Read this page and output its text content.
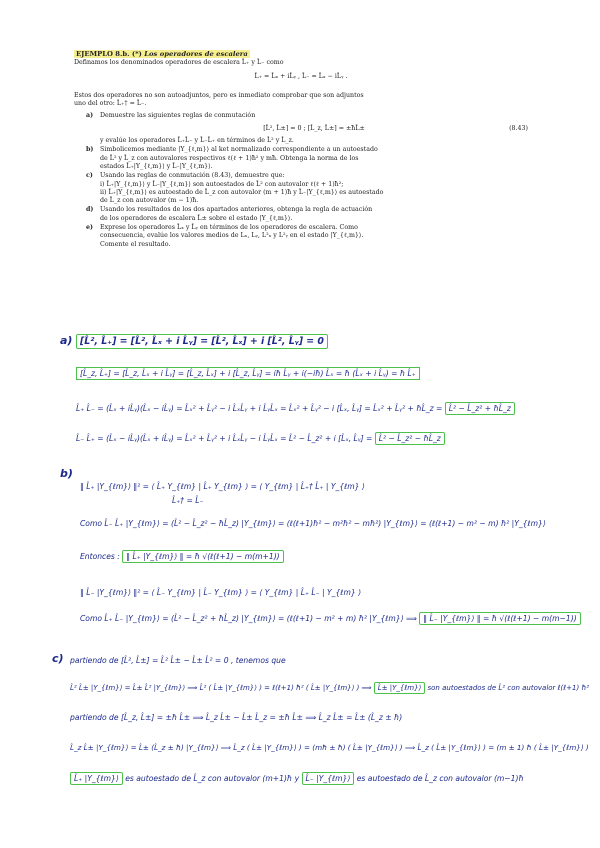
EJEMPLO 8.b. (*) Los operadores de escalera
Definamos los denominados operadores de escalera L̂₊ y L̂₋ como
L̂₊ = L̂ₓ + iL̂ᵧ , L̂₋ = L̂ₓ − iL̂ᵧ .
Estos dos operadores no son autoadjuntos, pero es inmediato comprobar que son adjuntos
uno del otro: L̂₊† = L̂₋.
a) Demuestre las siguientes reglas de conmutación
[L̂², L̂±] = 0 ; [L̂_z, L̂±] = ±ħL̂±	(8.43)
y evalúe los operadores L̂₊L̂₋ y L̂₋L̂₊ en términos de L̂² y L̂_z.
b) Simbolicemos mediante |Y_{ℓ,m}⟩ al ket normalizado correspondiente a un autoestado
de L̂² y L̂_z con autovalores respectivos ℓ(ℓ + 1)ħ² y mħ. Obtenga la norma de los
estados L̂₊|Y_{ℓ,m}⟩ y L̂₋|Y_{ℓ,m}⟩.
c) Usando las reglas de conmutación (8.43), demuestre que:
i) L̂₊|Y_{ℓ,m}⟩ y L̂₋|Y_{ℓ,m}⟩ son autoestados de L̂² con autovalor ℓ(ℓ + 1)ħ²;
ii) L̂₊|Y_{ℓ,m}⟩ es autoestado de L̂_z con autovalor (m + 1)ħ y L̂₋|Y_{ℓ,m}⟩ es autoestado
de L̂_z con autovalor (m − 1)ħ.
d) Usando los resultados de los dos apartados anteriores, obtenga la regla de actuación
de los operadores de escalera L̂± sobre el estado |Y_{ℓ,m}⟩.
e) Exprese los operadores L̂ₓ y L̂ᵧ en términos de los operadores de escalera. Como
consecuencia, evalúe los valores medios de Lₓ, Lᵧ, L²ₓ y L²ᵧ en el estado |Y_{ℓ,m}⟩.
Comente el resultado.
a) [L̂², L̂₊] = [L̂², L̂ₓ + i L̂ᵧ] = [L̂², L̂ₓ] + i [L̂², L̂ᵧ] = 0
[L̂_z, L̂₊] = [L̂_z, L̂ₓ + i L̂ᵧ] = [L̂_z, L̂ₓ] + i [L̂_z, L̂ᵧ] = iħ L̂ᵧ + i(−iħ) L̂ₓ = ħ (L̂ₓ + i L̂ᵧ) = ħ L̂₊
L̂₊ L̂₋ = (L̂ₓ + iL̂ᵧ)(L̂ₓ − iL̂ᵧ) = L̂ₓ² + L̂ᵧ² − i L̂ₓL̂ᵧ + i L̂ᵧL̂ₓ = L̂ₓ² + L̂ᵧ² − i [L̂ₓ, L̂ᵧ] = L̂ₓ² + L̂ᵧ² + ħL̂_z = L̂² − L̂_z² + ħL̂_z
L̂₋ L̂₊ = (L̂ₓ − iL̂ᵧ)(L̂ₓ + iL̂ᵧ) = L̂ₓ² + L̂ᵧ² + i L̂ₓL̂ᵧ − i L̂ᵧL̂ₓ = L̂² − L̂_z² + i [L̂ₓ, L̂ᵧ] = L̂² − L̂_z² − ħL̂_z
b)
‖ L̂₊ |Y_{ℓm}⟩ ‖² = ⟨ L̂₊ Y_{ℓm} | L̂₊ Y_{ℓm} ⟩ = ⟨ Y_{ℓm} | L̂₊† L̂₊ | Y_{ℓm} ⟩
L̂₊† = L̂₋
Como L̂₋ L̂₊ |Y_{ℓm}⟩ = (L̂² − L̂_z² − ħL̂_z) |Y_{ℓm}⟩ = (ℓ(ℓ+1)ħ² − m²ħ² − mħ²) |Y_{ℓm}⟩ = (ℓ(ℓ+1) − m² − m) ħ² |Y_{ℓm}⟩
Entonces : ‖ L̂₊ |Y_{ℓm}⟩ ‖ = ħ √(ℓ(ℓ+1) − m(m+1))
‖ L̂₋ |Y_{ℓm}⟩ ‖² = ⟨ L̂₋ Y_{ℓm} | L̂₋ Y_{ℓm} ⟩ = ⟨ Y_{ℓm} | L̂₊ L̂₋ | Y_{ℓm} ⟩
Como L̂₊ L̂₋ |Y_{ℓm}⟩ = (L̂² − L̂_z² + ħL̂_z) |Y_{ℓm}⟩ = (ℓ(ℓ+1) − m² + m) ħ² |Y_{ℓm}⟩ ⟹ ‖ L̂₋ |Y_{ℓm}⟩ ‖ = ħ √(ℓ(ℓ+1) − m(m−1))
c) partiendo de [L̂², L̂±] = L̂² L̂± − L̂± L̂² = 0 , tenemos que
L̂² L̂± |Y_{ℓm}⟩ = L̂± L̂² |Y_{ℓm}⟩ ⟹ L̂² ( L̂± |Y_{ℓm}⟩ ) = ℓ(ℓ+1) ħ² ( L̂± |Y_{ℓm}⟩ ) ⟹ L̂± |Y_{ℓm}⟩ son autoestados de L̂² con autovalor ℓ(ℓ+1) ħ²
partiendo de [L̂_z, L̂±] = ±ħ L̂± ⟹ L̂_z L̂± − L̂± L̂_z = ±ħ L̂± ⟹ L̂_z L̂± = L̂± (L̂_z ± ħ)
L̂_z L̂± |Y_{ℓm}⟩ = L̂± (L̂_z ± ħ) |Y_{ℓm}⟩ ⟹ L̂_z ( L̂± |Y_{ℓm}⟩ ) = (mħ ± ħ) ( L̂± |Y_{ℓm}⟩ ) ⟹ L̂_z ( L̂± |Y_{ℓm}⟩ ) = (m ± 1) ħ ( L̂± |Y_{ℓm}⟩ )
L̂₊ |Y_{ℓm}⟩ es autoestado de L̂_z con autovalor (m+1)ħ y L̂₋ |Y_{ℓm}⟩ es autoestado de L̂_z con autovalor (m−1)ħ
